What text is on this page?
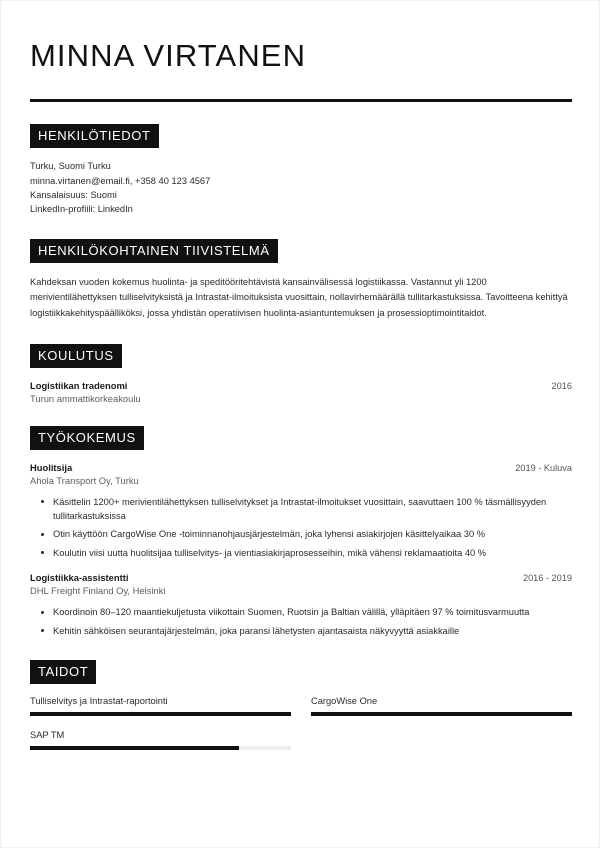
MINNA VIRTANEN
HENKILÖTIEDOT
Turku, Suomi Turku
minna.virtanen@email.fi, +358 40 123 4567
Kansalaisuus: Suomi
LinkedIn-profiili: LinkedIn
HENKILÖKOHTAINEN TIIVISTELMÄ

Kahdeksan vuoden kokemus huolinta- ja speditööritehtävistä kansainvälisessä logistiikassa. Vastannut yli 1200 merivientilähettyksen tulliselvityksistä ja Intrastat-ilmoituksista vuosittain, nollavirhemäärällä tullitarkastuksissa. Tavoitteena kehittyä logistiikkakehityspäälliköksi, jossa yhdistän operatiivisen huolinta-asiantuntemuksen ja prosessioptimointitaidot.

KOULUTUS
Logistiikan tradenomi	2016
Turun ammattikorkeakoulu
TYÖKOKEMUS
Huolitsija	2019 - Kuluva
Ahola Transport Oy, Turku
Käsittelin 1200+ merivientilähettyksen tulliselvitykset ja Intrastat-ilmoitukset vuosittain, saavuttaen 100 % täsmällisyyden tullitarkastuksissa
Otin käyttöön CargoWise One -toiminnanohjausjärjestelmän, joka lyhensi asiakirjojen käsittelyaikaa 30 %
Koulutin viisi uutta huolitsijaa tulliselvitys- ja vientiasiakirjaprosesseihin, mikä vähensi reklamaatioita 40 %
Logistiikka-assistentti	2016 - 2019
DHL Freight Finland Oy, Helsinki
Koordinoin 80–120 maantiekuljetusta viikottain Suomen, Ruotsin ja Baltian välillä, ylläpitäen 97 % toimitusvarmuutta
Kehitin sähköisen seurantajärjestelmän, joka paransi lähetysten ajantasaista näkyvyyttä asiakkaille
TAIDOT
Tulliselvitys ja Intrastat-raportointi	CargoWise One
SAP TM
